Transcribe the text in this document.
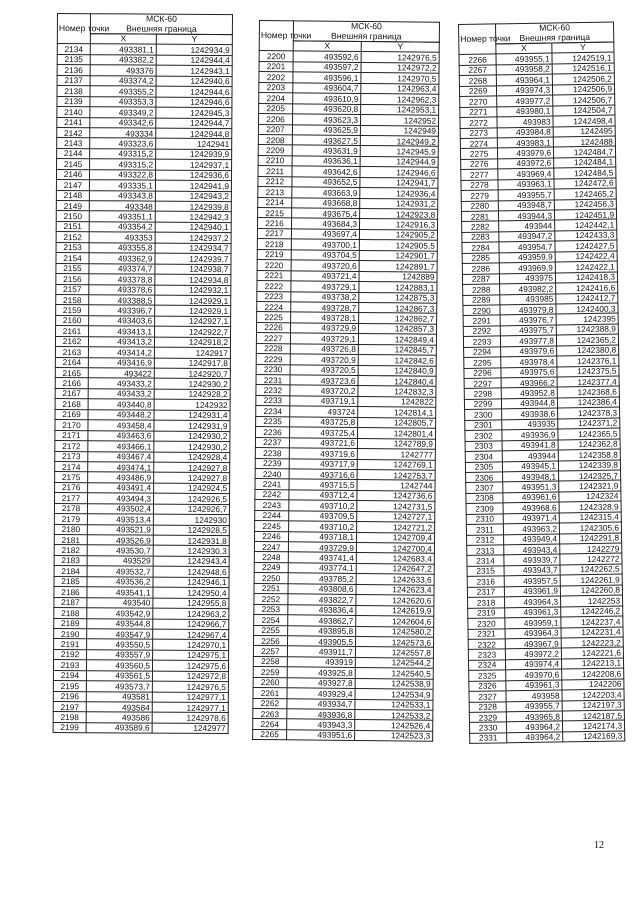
Номер точки	МСК-60
Внешняя граница	

	X	Y
2134	493381,1	1242934,9
2135	493382,2	1242944,4
2136	493376	1242943,1
2137	493374,2	1242940,6
2138	493355,2	1242944,6
2139	493353,3	1242946,6
2140	493349,2	1242945,3
2141	493342,6	1242944,7
2142	493334	1242944,8
2143	493323,6	1242941
2144	493315,2	1242939,9
2145	493315,2	1242937,1
2146	493322,8	1242936,6
2147	493335,1	1242941,9
2148	493343,8	1242943,2
2149	493348	1242939,8
2150	493351,1	1242942,3
2151	493354,2	1242940,1
2152	493353	1242937,2
2153	493355,8	1242934,7
2154	493362,9	1242939,7
2155	493374,7	1242938,7
2156	493378,8	1242934,8
2157	493378,6	1242932,1
2158	493388,5	1242929,1
2159	493396,7	1242929,1
2160	493403,6	1242927,1
2161	493413,1	1242922,7
2162	493413,2	1242918,2
2163	493414,2	1242917
2164	493416,9	1242917,8
2165	493422	1242920,7
2166	493433,2	1242930,2
2167	493433,2	1242928,2
2168	493440,8	1242932
2169	493448,2	1242931,4
2170	493458,4	1242931,9
2171	493463,6	1242930,2
2172	493466,1	1242930,2
2173	493467,4	1242928,4
2174	493474,1	1242927,8
2175	493486,9	1242927,8
2176	493491,4	1242924,5
2177	493494,3	1242926,5
2178	493502,4	1242926,7
2179	493513,4	1242930
2180	493521,9	1242928,5
2181	493526,9	1242931,8
2182	493530,7	1242930,3
2183	493529	1242943,4
2184	493532,7	1242948,6
2185	493536,2	1242946,1
2186	493541,1	1242950,4
2187	493540	1242955,8
2188	493542,9	1242963,2
2189	493544,8	1242966,7
2190	493547,9	1242967,4
2191	493550,5	1242970,1
2192	493557,9	1242975,1
2193	493560,5	1242975,6
2194	493561,5	1242972,8
2195	493573,7	1242976,5
2196	493581	1242977,1
2197	493584	1242977,1
2198	493586	1242978,6
2199	493589,6	1242977
Номер точки	МСК-60
Внешняя граница	

	X	Y
2200	493592,6	1242976,5
2201	493597,2	1242972,2
2202	493596,1	1242970,5
2203	493604,7	1242963,4
2204	493610,9	1242962,3
2205	493620,8	1242953,1
2206	493623,3	1242952
2207	493625,9	1242949
2208	493627,5	1242949,2
2209	493631,9	1242945,9
2210	493636,1	1242944,9
2211	493642,6	1242946,6
2212	493652,5	1242941,7
2213	493663,9	1242936,4
2214	493668,8	1242931,2
2215	493675,4	1242923,8
2216	493684,3	1242916,3
2217	493697,4	1242905,2
2218	493700,1	1242905,5
2219	493704,5	1242901,7
2220	493720,6	1242891,7
2221	493721,4	1242889
2222	493729,1	1242883,1
2223	493738,2	1242875,3
2224	493728,7	1242867,3
2225	493728,1	1242862,7
2226	493729,9	1242857,3
2227	493729,1	1242849,4
2228	493726,8	1242845,7
2229	493720,9	1242842,6
2230	493720,5	1242840,9
2231	493723,6	1242840,4
2232	493720,2	1242832,3
2233	493719,1	1242822
2234	493724	1242814,1
2235	493725,8	1242805,7
2236	493725,4	1242801,4
2237	493721,6	1242789,9
2238	493719,6	1242777
2239	493717,9	1242769,1
2240	493716,6	1242753,7
2241	493715,5	1242744
2242	493712,4	1242736,6
2243	493710,2	1242731,5
2244	493709,5	1242727,1
2245	493710,2	1242721,2
2246	493718,1	1242709,4
2247	493729,9	1242700,4
2248	493741,4	1242683,4
2249	493774,1	1242647,2
2250	493785,2	1242633,6
2251	493808,6	1242623,4
2252	493822,7	1242620,6
2253	493836,4	1242619,9
2254	493862,7	1242604,6
2255	493895,8	1242580,2
2256	493905,5	1242573,6
2257	493911,7	1242557,8
2258	493919	1242544,2
2259	493925,8	1242540,5
2260	493927,8	1242538,9
2261	493929,4	1242534,9
2262	493934,7	1242533,1
2263	493936,8	1242533,2
2264	493943,3	1242526,4
2265	493951,6	1242523,3
Номер точки	МСК-60
Внешняя граница	

	X	Y
2266	493955,1	1242519,1
2267	493958,2	1242516,1
2268	493964,1	1242506,2
2269	493974,3	1242506,9
2270	493977,2	1242506,7
2271	493980,1	1242504,7
2272	493983	1242498,4
2273	493984,8	1242495
2274	493983,1	1242488
2275	493979,6	1242484,7
2276	493972,6	1242484,1
2277	493969,4	1242484,5
2278	493963,1	1242472,6
2279	493955,7	1242465,2
2280	493948,7	1242456,3
2281	493944,3	1242451,9
2282	493944	1242442,1
2283	493947,2	1242433,3
2284	493954,7	1242427,5
2285	493959,9	1242422,4
2286	493969,9	1242422,1
2287	493975	1242418,3
2288	493982,2	1242416,6
2289	493985	1242412,7
2290	493979,8	1242400,3
2291	493976,7	1242395
2292	493975,7	1242388,9
2293	493977,8	1242365,2
2294	493979,6	1242380,8
2295	493978,4	1242376,1
2296	493975,6	1242375,5
2297	493966,2	1242377,4
2298	493952,8	1242368,6
2299	493944,8	1242386,4
2300	493938,6	1242378,3
2301	493935	1242371,2
2302	493936,9	1242365,5
2303	493941,8	1242362,8
2304	493944	1242358,8
2305	493945,1	1242339,8
2306	493948,1	1242325,7
2307	493951,3	1242321,9
2308	493961,6	1242324
2309	493968,6	1242328,9
2310	493971,4	1242315,4
2311	493963,2	1242305,6
2312	493949,4	1242291,8
2313	493943,4	1242279
2314	493939,7	1242272
2315	493943,7	1242262,5
2316	493957,5	1242261,9
2317	493961,9	1242260,8
2318	493964,3	1242253
2319	493961,3	1242246,2
2320	493959,1	1242237,4
2321	493964,3	1242231,4
2322	493967,9	1242223,2
2323	493972,2	1242221,6
2324	493974,4	1242213,1
2325	493970,6	1242208,6
2326	493961,3	1242206
2327	493958	1242203,4
2328	493955,7	1242197,3
2329	493965,8	1242187,5
2330	493964,2	1242174,3
2331	493964,2	1242169,3
12
